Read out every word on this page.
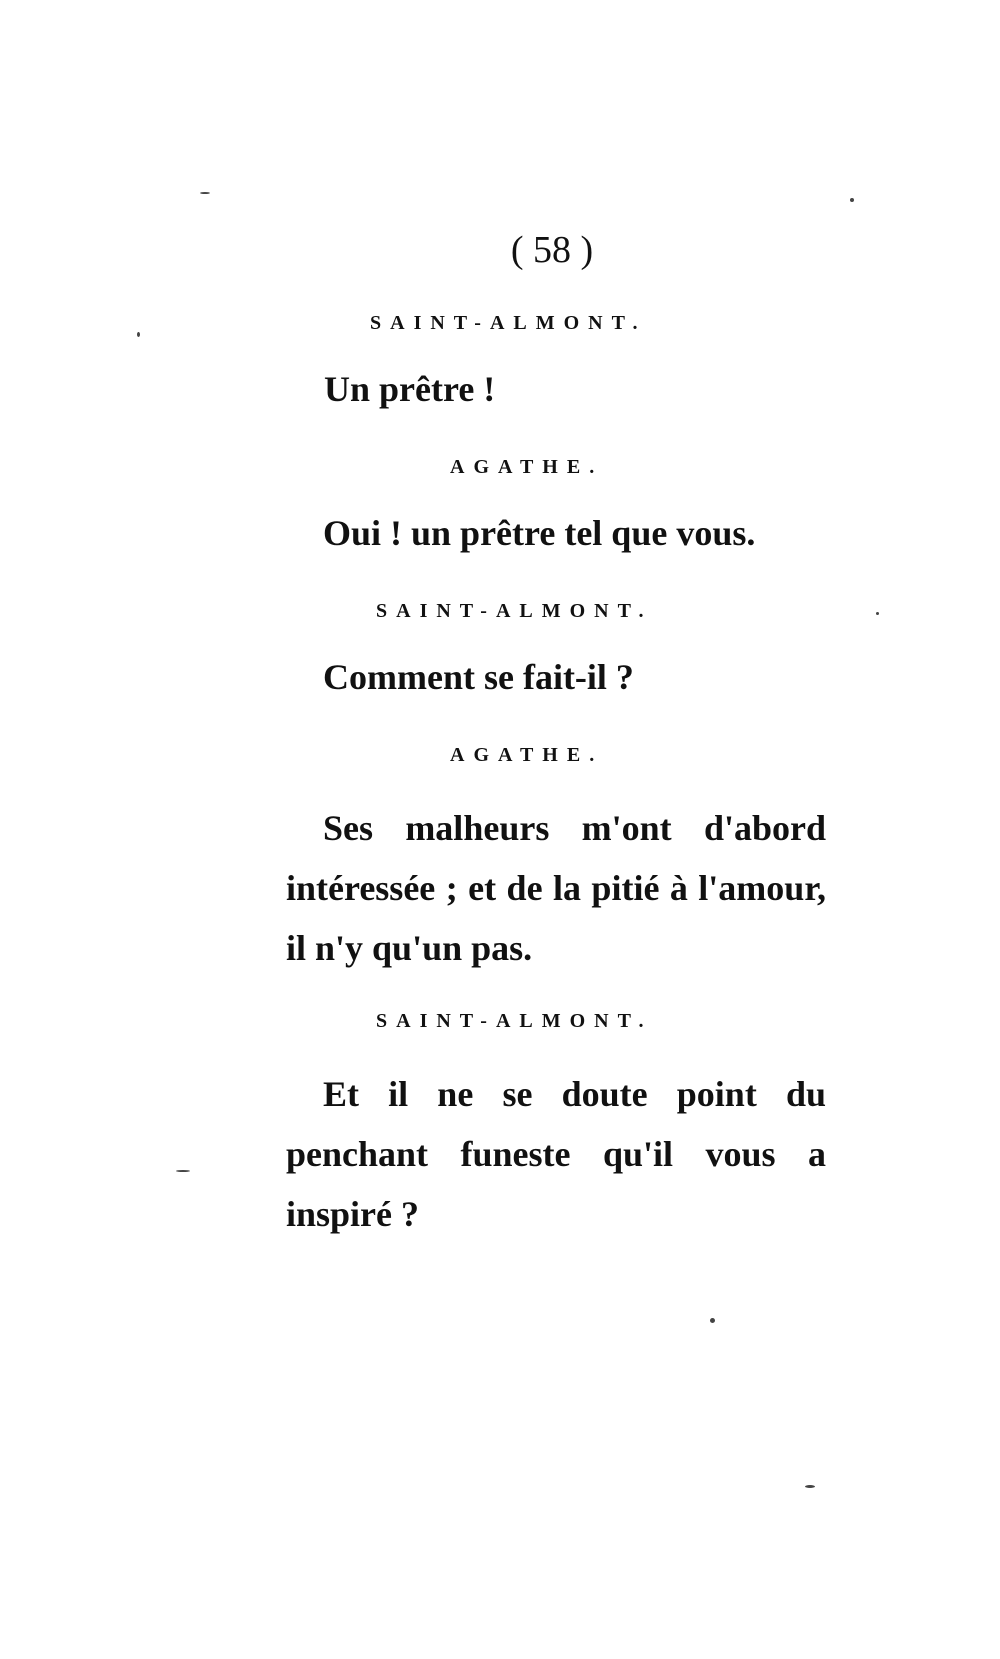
( 58 )
SAINT-ALMONT.
Un prêtre !
AGATHE.
Oui ! un prêtre tel que vous.
SAINT-ALMONT.
Comment se fait-il ?
AGATHE.
Ses malheurs m'ont d'abord intéressée ; et de la pitié à l'amour, il n'y qu'un pas.
SAINT-ALMONT.
Et il ne se doute point du penchant funeste qu'il vous a inspiré ?
